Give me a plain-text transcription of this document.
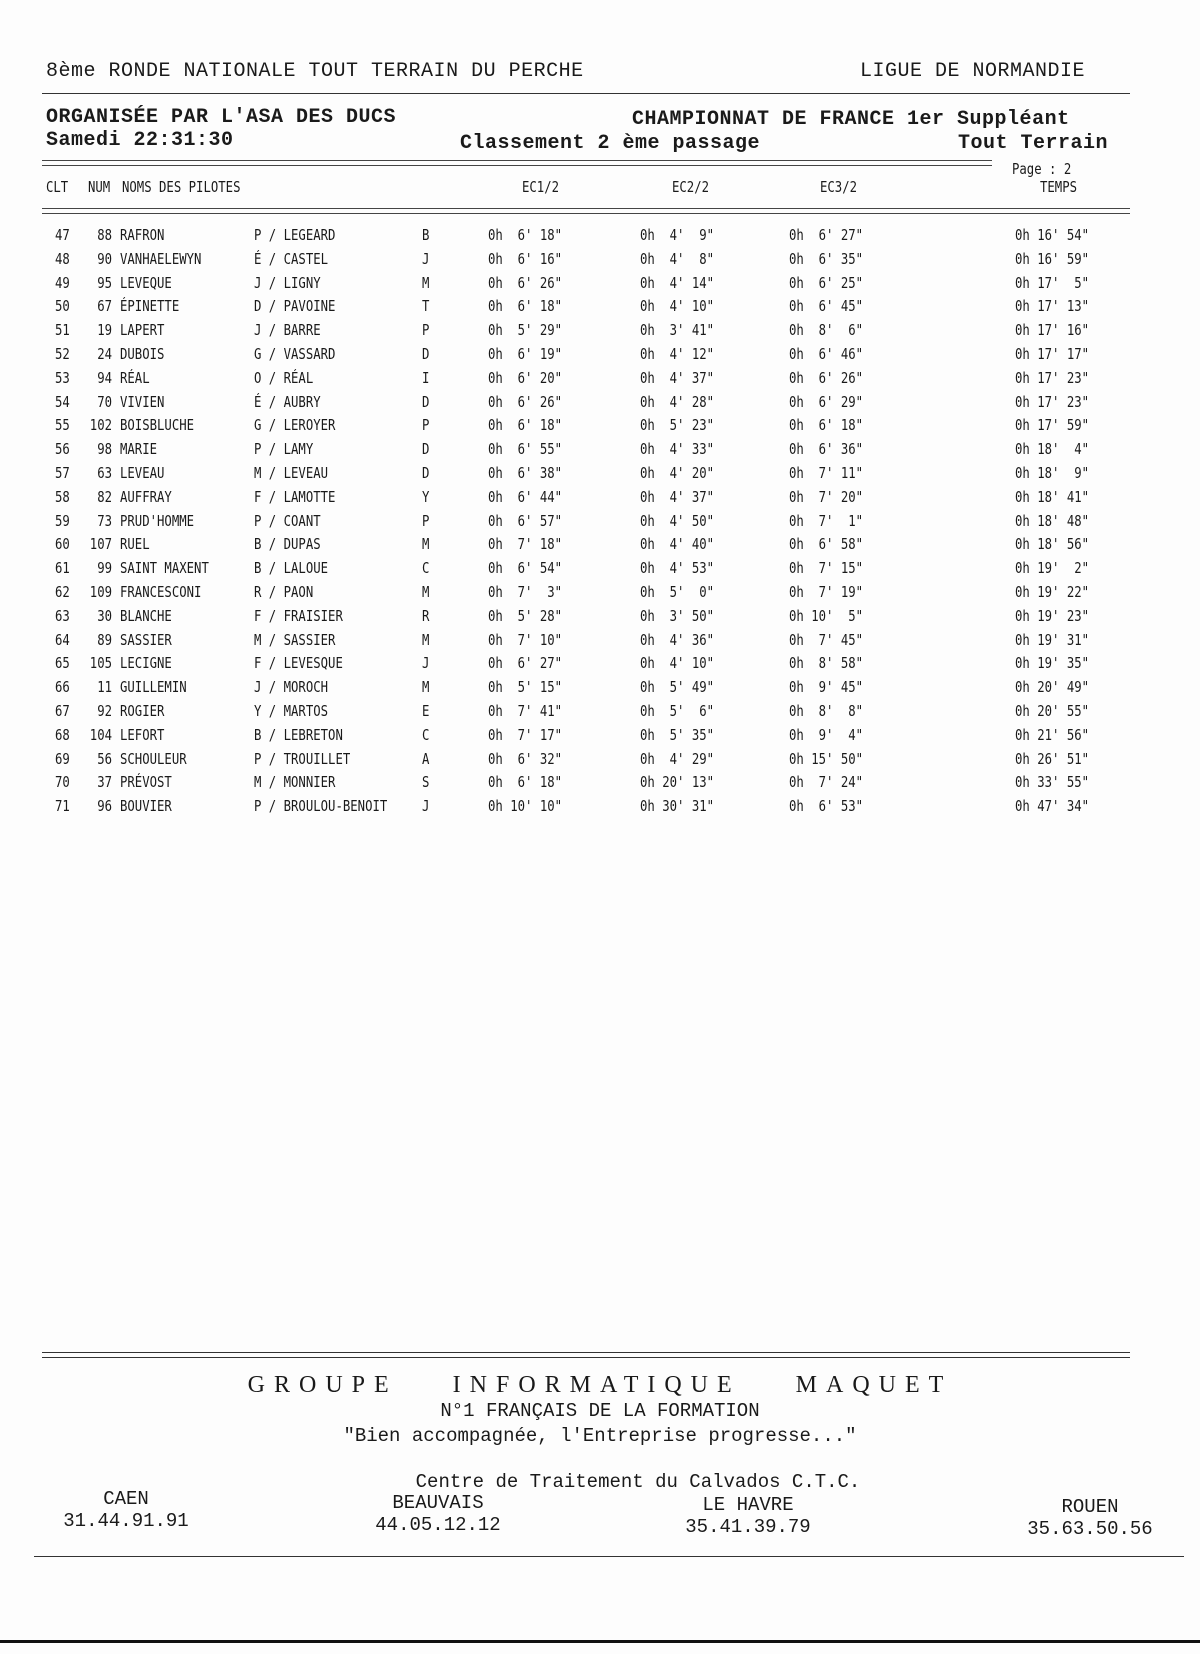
8ème RONDE NATIONALE TOUT TERRAIN DU PERCHE	LIGUE DE NORMANDIE
ORGANISÉE PAR L'ASA DES DUCS	CHAMPIONNAT DE FRANCE 1er Suppléant
Samedi 22:31:30	Classement 2 ème passage	Tout Terrain
Page : 2
CLT NUM NOMS DES PILOTES	EC1/2	EC2/2	EC3/2	TEMPS
47	88 RAFRON	P / LEGEARD	B	0h  6' 18"	0h  4'  9"	0h  6' 27"	0h 16' 54"
48	90 VANHAELEWYN	É / CASTEL	J	0h  6' 16"	0h  4'  8"	0h  6' 35"	0h 16' 59"
49	95 LEVEQUE	J / LIGNY	M	0h  6' 26"	0h  4' 14"	0h  6' 25"	0h 17'  5"
50	67 ÉPINETTE	D / PAVOINE	T	0h  6' 18"	0h  4' 10"	0h  6' 45"	0h 17' 13"
51	19 LAPERT	J / BARRE	P	0h  5' 29"	0h  3' 41"	0h  8'  6"	0h 17' 16"
52	24 DUBOIS	G / VASSARD	D	0h  6' 19"	0h  4' 12"	0h  6' 46"	0h 17' 17"
53	94 RÉAL	O / RÉAL	I	0h  6' 20"	0h  4' 37"	0h  6' 26"	0h 17' 23"
54	70 VIVIEN	É / AUBRY	D	0h  6' 26"	0h  4' 28"	0h  6' 29"	0h 17' 23"
55 102 BOISBLUCHE	G / LEROYER	P	0h  6' 18"	0h  5' 23"	0h  6' 18"	0h 17' 59"
56	98 MARIE	P / LAMY	D	0h  6' 55"	0h  4' 33"	0h  6' 36"	0h 18'  4"
57	63 LEVEAU	M / LEVEAU	D	0h  6' 38"	0h  4' 20"	0h  7' 11"	0h 18'  9"
58	82 AUFFRAY	F / LAMOTTE	Y	0h  6' 44"	0h  4' 37"	0h  7' 20"	0h 18' 41"
59	73 PRUD'HOMME	P / COANT	P	0h  6' 57"	0h  4' 50"	0h  7'  1"	0h 18' 48"
60 107 RUEL	B / DUPAS	M	0h  7' 18"	0h  4' 40"	0h  6' 58"	0h 18' 56"
61	99 SAINT MAXENT	B / LALOUE	C	0h  6' 54"	0h  4' 53"	0h  7' 15"	0h 19'  2"
62 109 FRANCESCONI	R / PAON	M	0h  7'  3"	0h  5'  0"	0h  7' 19"	0h 19' 22"
63	30 BLANCHE	F / FRAISIER	R	0h  5' 28"	0h  3' 50"	0h 10'  5"	0h 19' 23"
64	89 SASSIER	M / SASSIER	M	0h  7' 10"	0h  4' 36"	0h  7' 45"	0h 19' 31"
65 105 LECIGNE	F / LEVESQUE	J	0h  6' 27"	0h  4' 10"	0h  8' 58"	0h 19' 35"
66	11 GUILLEMIN	J / MOROCH	M	0h  5' 15"	0h  5' 49"	0h  9' 45"	0h 20' 49"
67	92 ROGIER	Y / MARTOS	E	0h  7' 41"	0h  5'  6"	0h  8'  8"	0h 20' 55"
68 104 LEFORT	B / LEBRETON	C	0h  7' 17"	0h  5' 35"	0h  9'  4"	0h 21' 56"
69	56 SCHOULEUR	P / TROUILLET	A	0h  6' 32"	0h  4' 29"	0h 15' 50"	0h 26' 51"
70	37 PRÉVOST	M / MONNIER	S	0h  6' 18"	0h 20' 13"	0h  7' 24"	0h 33' 55"
71	96 BOUVIER	P / BROULOU-BENOIT J	0h 10' 10"	0h 30' 31"	0h  6' 53"	0h 47' 34"
GROUPE INFORMATIQUE MAQUET
N°1 FRANÇAIS DE LA FORMATION
"Bien accompagnée, l'Entreprise progresse..."
Centre de Traitement du Calvados C.T.C.
CAEN
31.44.91.91
BEAUVAIS
44.05.12.12
LE HAVRE
35.41.39.79
ROUEN
35.63.50.56
